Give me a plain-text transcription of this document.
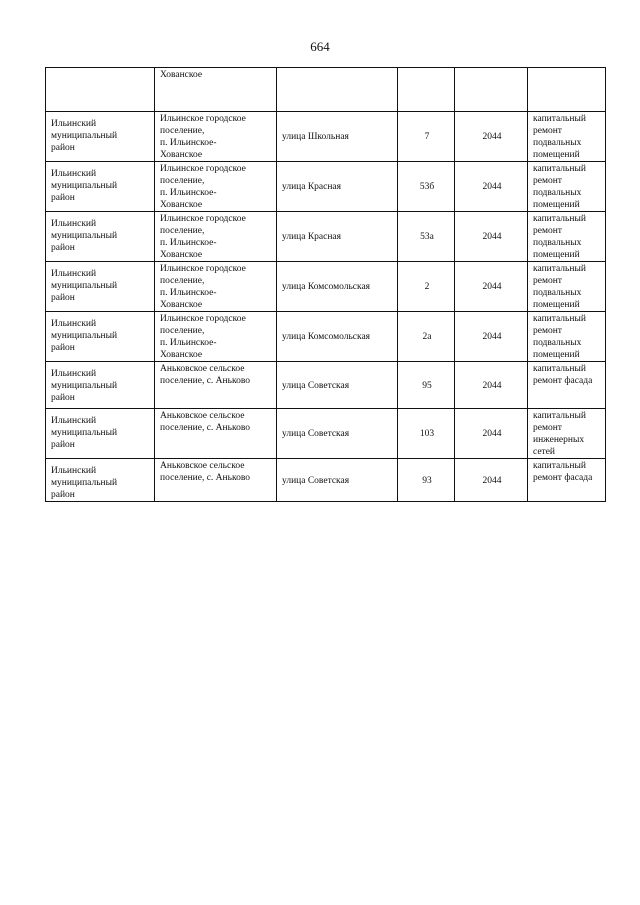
664
	Хованское				
Ильинский
муниципальный
район	Ильинское городское
поселение,
п. Ильинское-
Хованское	улица Школьная	7	2044	капитальный
ремонт
подвальных
помещений
Ильинский
муниципальный
район	Ильинское городское
поселение,
п. Ильинское-
Хованское	улица Красная	53б	2044	капитальный
ремонт
подвальных
помещений
Ильинский
муниципальный
район	Ильинское городское
поселение,
п. Ильинское-
Хованское	улица Красная	53а	2044	капитальный
ремонт
подвальных
помещений
Ильинский
муниципальный
район	Ильинское городское
поселение,
п. Ильинское-
Хованское	улица Комсомольская	2	2044	капитальный
ремонт
подвальных
помещений
Ильинский
муниципальный
район	Ильинское городское
поселение,
п. Ильинское-
Хованское	улица Комсомольская	2а	2044	капитальный
ремонт
подвальных
помещений
Ильинский
муниципальный
район	Аньковское сельское
поселение, с. Аньково	улица Советская	95	2044	капитальный
ремонт фасада
Ильинский
муниципальный
район	Аньковское сельское
поселение, с. Аньково	улица Советская	103	2044	капитальный
ремонт
инженерных
сетей
Ильинский
муниципальный
район	Аньковское сельское
поселение, с. Аньково	улица Советская	93	2044	капитальный
ремонт фасада
